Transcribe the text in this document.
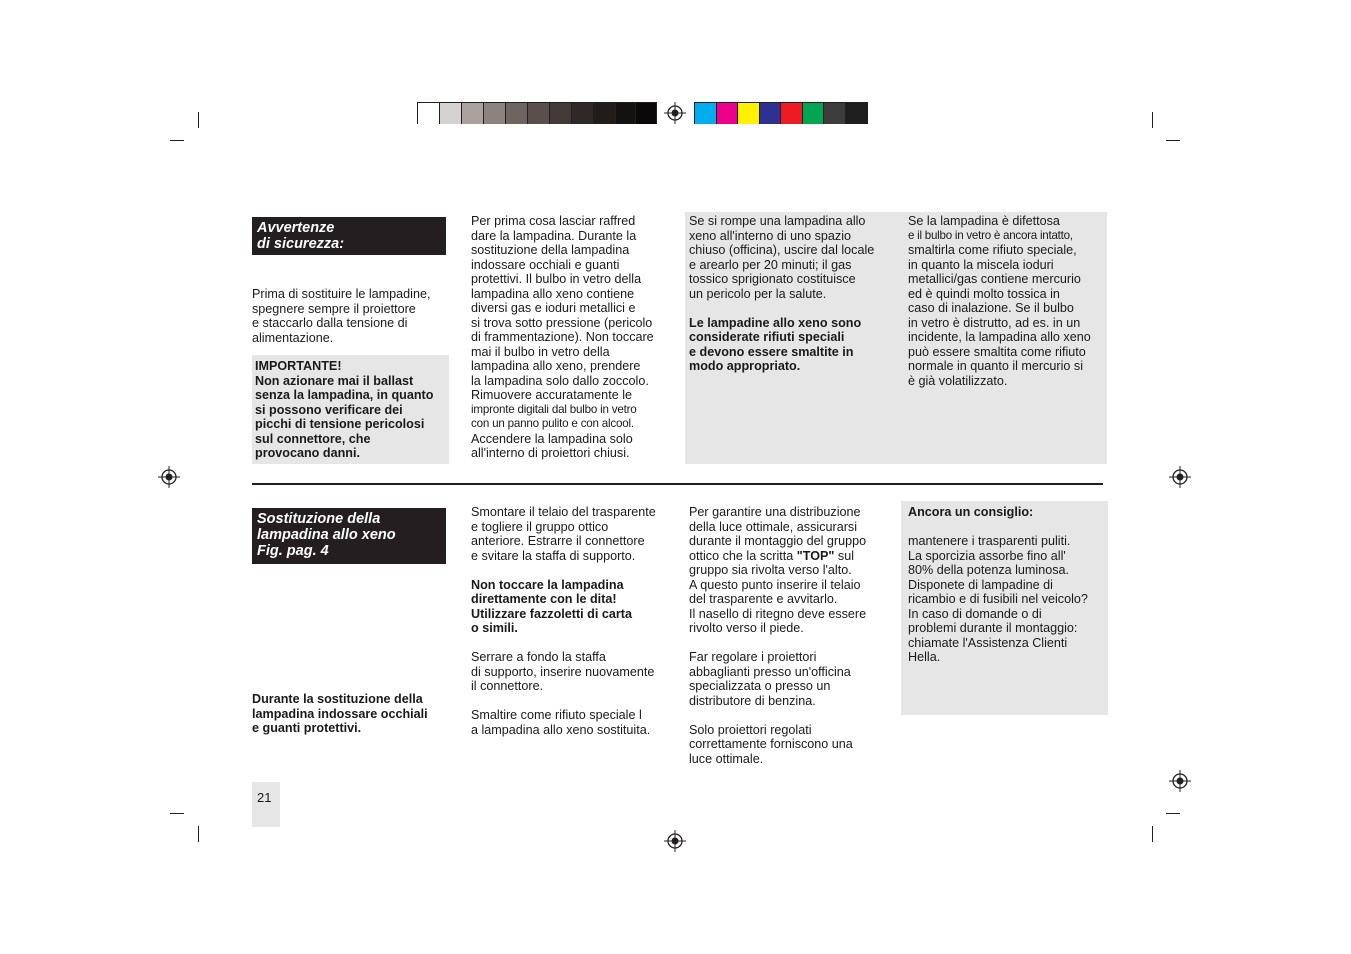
Avvertenze
di sicurezza:
Prima di sostituire le lampadine,
spegnere sempre il proiettore
e staccarlo dalla tensione di
alimentazione.
IMPORTANTE!
Non azionare mai il ballast
senza la lampadina, in quanto
si possono verificare dei
picchi di tensione pericolosi
sul connettore, che
provocano danni.
Per prima cosa lasciar raffred
dare la lampadina. Durante la
sostituzione della lampadina
indossare occhiali e guanti
protettivi. Il bulbo in vetro della
lampadina allo xeno contiene
diversi gas e ioduri metallici e
si trova sotto pressione (pericolo
di frammentazione). Non toccare
mai il bulbo in vetro della
lampadina allo xeno, prendere
la lampadina solo dallo zoccolo.
Rimuovere accuratamente le
impronte digitali dal bulbo in vetro
con un panno pulito e con alcool.
Accendere la lampadina solo
all'interno di proiettori chiusi.
Se si rompe una lampadina allo
xeno all'interno di uno spazio
chiuso (officina), uscire dal locale
e arearlo per 20 minuti; il gas
tossico sprigionato costituisce
un pericolo per la salute.
Le lampadine allo xeno sono
considerate rifiuti speciali
e devono essere smaltite in
modo appropriato.
Se la lampadina è difettosa
e il bulbo in vetro è ancora intatto,
smaltirla come rifiuto speciale,
in quanto la miscela ioduri
metallici/gas contiene mercurio
ed è quindi molto tossica in
caso di inalazione. Se il bulbo
in vetro è distrutto, ad es. in un
incidente, la lampadina allo xeno
può essere smaltita come rifiuto
normale in quanto il mercurio si
è già volatilizzato.
Sostituzione della
lampadina allo xeno
Fig. pag. 4
Durante la sostituzione della
lampadina indossare occhiali
e guanti protettivi.
Smontare il telaio del trasparente
e togliere il gruppo ottico
anteriore. Estrarre il connettore
e svitare la staffa di supporto.
Non toccare la lampadina
direttamente con le dita!
Utilizzare fazzoletti di carta
o simili.
Serrare a fondo la staffa
di supporto, inserire nuovamente
il connettore.
Smaltire come rifiuto speciale l
a lampadina allo xeno sostituita.
Per garantire una distribuzione
della luce ottimale, assicurarsi
durante il montaggio del gruppo
ottico che la scritta "TOP" sul
gruppo sia rivolta verso l'alto.
A questo punto inserire il telaio
del trasparente e avvitarlo.
Il nasello di ritegno deve essere
rivolto verso il piede.
Far regolare i proiettori
abbaglianti presso un'officina
specializzata o presso un
distributore di benzina.
Solo proiettori regolati
correttamente forniscono una
luce ottimale.
Ancora un consiglio:
mantenere i trasparenti puliti.
La sporcizia assorbe fino all'
80% della potenza luminosa.
Disponete di lampadine di
ricambio e di fusibili nel veicolo?
In caso di domande o di
problemi durante il montaggio:
chiamate l'Assistenza Clienti
Hella.
21
